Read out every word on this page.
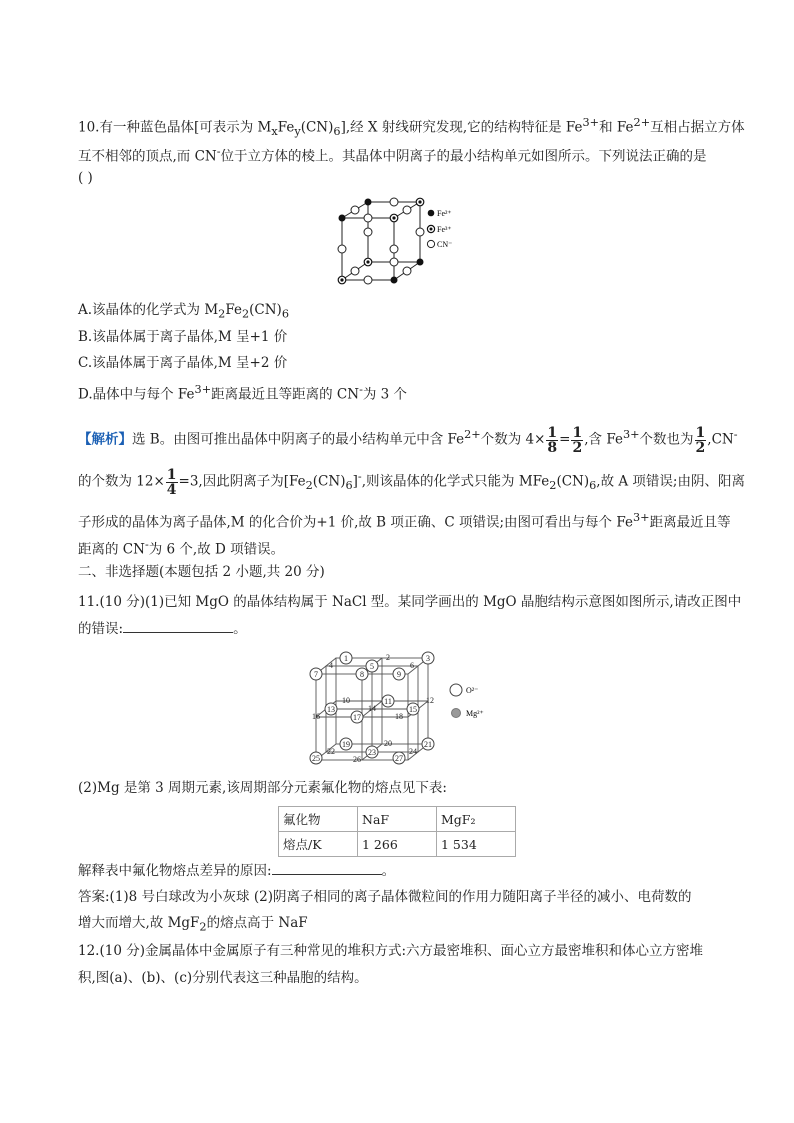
10.有一种蓝色晶体[可表示为 $M_xFe_y(CN)_6$],经 X 射线研究发现,它的结构特征是 $Fe^{3+}$和 $Fe^{2+}$互相占据立方体
互不相邻的顶点,而 CN-位于立方体的棱上。其晶体中阴离子的最小结构单元如图所示。下列说法正确的是
( )
Fe²⁺
Fe³⁺
CN⁻
A.该晶体的化学式为 $M_2Fe_2(CN)_6$
B.该晶体属于离子晶体,M 呈+1 价
C.该晶体属于离子晶体,M 呈+2 价
D.晶体中与每个 $Fe^{3+}$距离最近且等距离的 CN-为 3 个
【解析】选 B。由图可推出晶体中阴离子的最小结构单元中含 $Fe^{2+}$个数为 $4\times \frac{1}{8} = \frac{1}{2}$ ,含 $Fe^{3+}$个数也为 $\frac{1}{2} ,CN^-$
的个数为 $12\times \frac{1}{4} =3$,因此阴离子为$[Fe_2(CN)_6]^-$,则该晶体的化学式只能为 $MFe_2(CN)_6$,故 A 项错误;由阴、阳离
子形成的晶体为离子晶体,M 的化合价为+1 价,故 B 项正确、C 项错误;由图可看出与每个 $Fe^{3+}$距离最近且等
距离的 CN-为 6 个,故 D 项错误。
二、非选择题(本题包括 2 小题,共 20 分)
11.(10 分)(1)已知 MgO 的晶体结构属于 NaCl 型。某同学画出的 MgO 晶胞结构示意图如图所示,请改正图中
的错误:	。
1	2	3
4	5	6
7	8	9
10	11	12
13	14	15
16	17	18
19	20	21
22	23	24
25	26	27
O²⁻
Mg²⁺
(2)Mg 是第 3 周期元素,该周期部分元素氟化物的熔点见下表:
氟化物	NaF	MgF₂
熔点/K	1 266	1 534
解释表中氟化物熔点差异的原因:	。
答案:(1)8 号白球改为小灰球 (2)阴离子相同的离子晶体微粒间的作用力随阳离子半径的减小、电荷数的
增大而增大,故 MgF$_2$的熔点高于 NaF
12.(10 分)金属晶体中金属原子有三种常见的堆积方式:六方最密堆积、面心立方最密堆积和体心立方密堆
积,图(a)、(b)、(c)分别代表这三种晶胞的结构。
